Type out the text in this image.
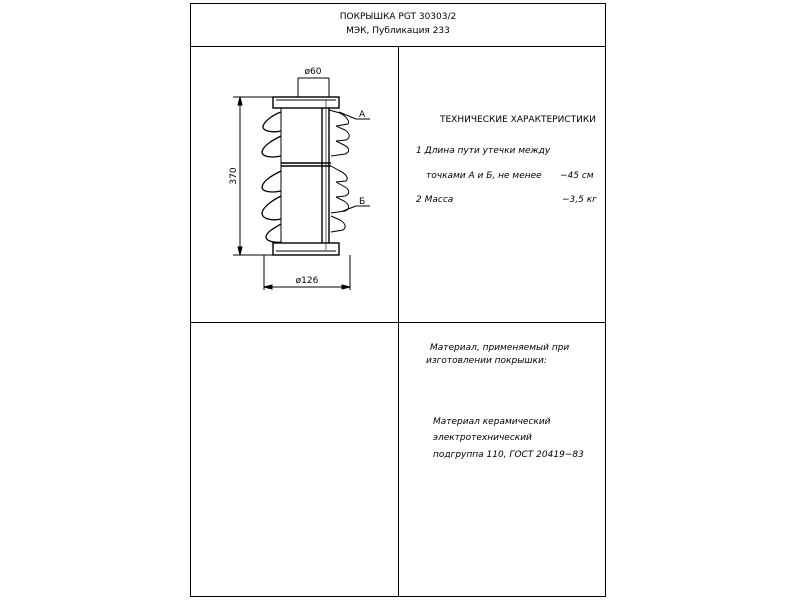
ПОКРЫШКА PGT 30303/2
МЭК, Публикация 233
ø60
ø126
370
А
Б
ТЕХНИЧЕСКИЕ ХАРАКТЕРИСТИКИ
1 Длина пути утечки между
точками А и Б, не менее −45 см
2 Масса	−3,5 кг
Материал, применяемый при
изготовлении покрышки:
Материал керамический
электротехнический
подгруппа 110, ГОСТ 20419−83
